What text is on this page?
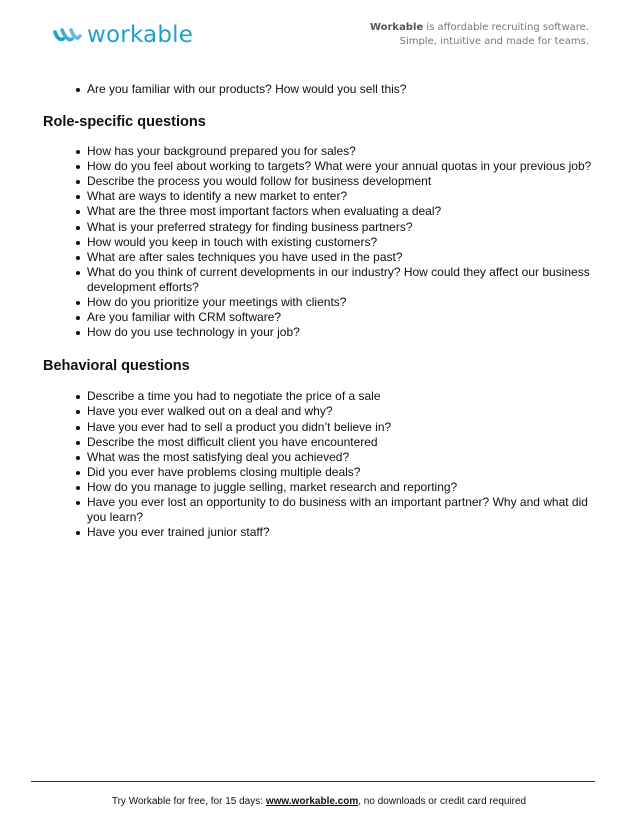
workable	Workable is affordable recruiting software.
Simple, intuitive and made for teams.
Are you familiar with our products? How would you sell this?
Role-specific questions
How has your background prepared you for sales?
How do you feel about working to targets? What were your annual quotas in your previous job?
Describe the process you would follow for business development
What are ways to identify a new market to enter?
What are the three most important factors when evaluating a deal?
What is your preferred strategy for finding business partners?
How would you keep in touch with existing customers?
What are after sales techniques you have used in the past?
What do you think of current developments in our industry? How could they affect our business development efforts?
How do you prioritize your meetings with clients?
Are you familiar with CRM software?
How do you use technology in your job?
Behavioral questions
Describe a time you had to negotiate the price of a sale
Have you ever walked out on a deal and why?
Have you ever had to sell a product you didn’t believe in?
Describe the most difficult client you have encountered
What was the most satisfying deal you achieved?
Did you ever have problems closing multiple deals?
How do you manage to juggle selling, market research and reporting?
Have you ever lost an opportunity to do business with an important partner? Why and what did you learn?
Have you ever trained junior staff?
Try Workable for free, for 15 days: www.workable.com, no downloads or credit card required
